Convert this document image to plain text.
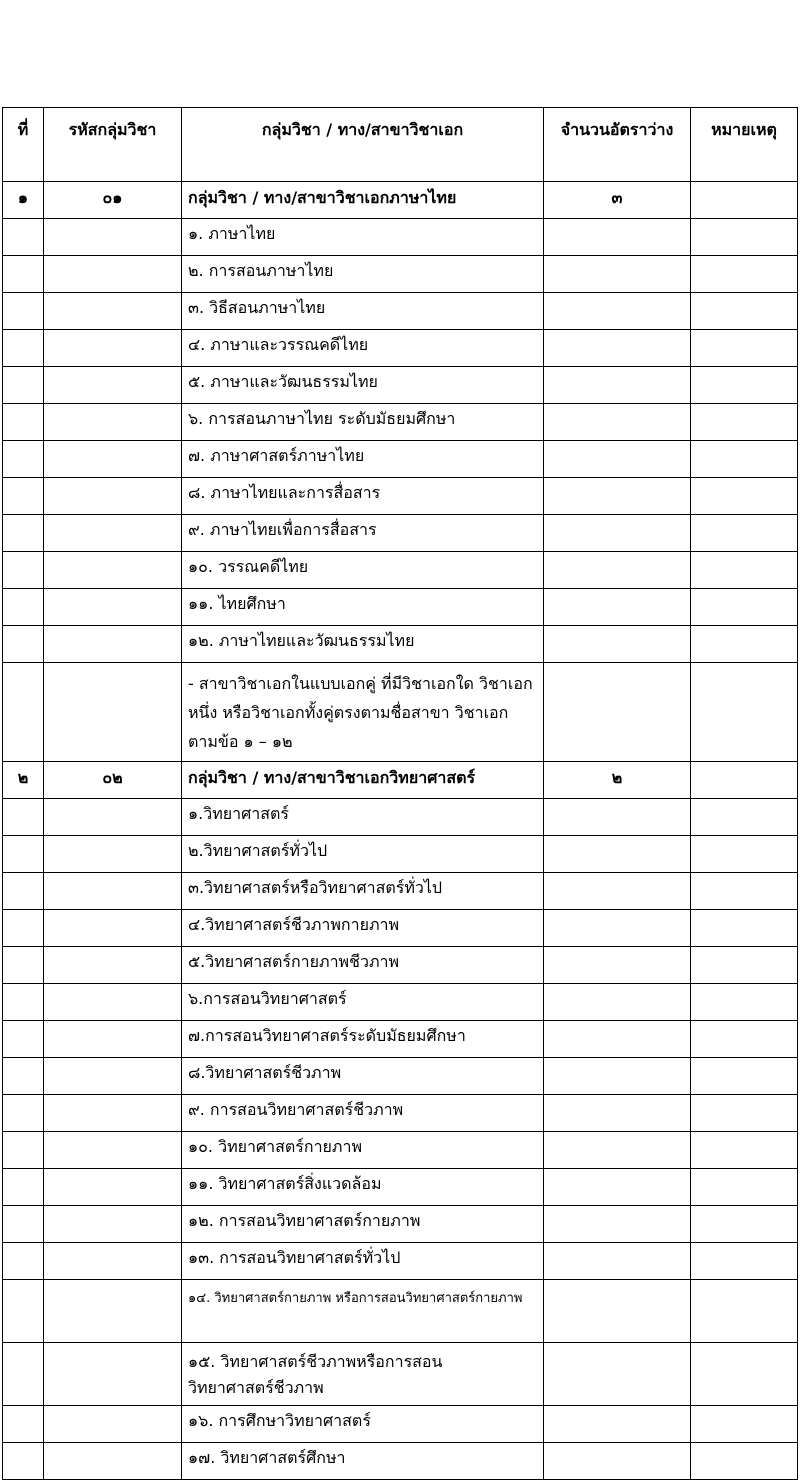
ที่	รหัสกลุ่มวิชา	กลุ่มวิชา / ทาง/สาขาวิชาเอก	จำนวนอัตราว่าง	หมายเหตุ
๑	๐๑	กลุ่มวิชา / ทาง/สาขาวิชาเอกภาษาไทย	๓	
		๑. ภาษาไทย		
		๒. การสอนภาษาไทย		
		๓. วิธีสอนภาษาไทย		
		๔. ภาษาและวรรณคดีไทย		
		๕. ภาษาและวัฒนธรรมไทย		
		๖. การสอนภาษาไทย ระดับมัธยมศึกษา		
		๗. ภาษาศาสตร์ภาษาไทย		
		๘. ภาษาไทยและการสื่อสาร		
		๙. ภาษาไทยเพื่อการสื่อสาร		
		๑๐. วรรณคดีไทย		
		๑๑. ไทยศึกษา		
		๑๒. ภาษาไทยและวัฒนธรรมไทย		
		- สาขาวิชาเอกในแบบเอกคู่ ที่มีวิชาเอกใด วิชาเอกหนึ่ง หรือวิชาเอกทั้งคู่ตรงตามชื่อสาขา วิชาเอก ตามข้อ ๑ – ๑๒		
๒	๐๒	กลุ่มวิชา / ทาง/สาขาวิชาเอกวิทยาศาสตร์	๒	
		๑.วิทยาศาสตร์		
		๒.วิทยาศาสตร์ทั่วไป		
		๓.วิทยาศาสตร์หรือวิทยาศาสตร์ทั่วไป		
		๔.วิทยาศาสตร์ชีวภาพกายภาพ		
		๕.วิทยาศาสตร์กายภาพชีวภาพ		
		๖.การสอนวิทยาศาสตร์		
		๗.การสอนวิทยาศาสตร์ระดับมัธยมศึกษา		
		๘.วิทยาศาสตร์ชีวภาพ		
		๙. การสอนวิทยาศาสตร์ชีวภาพ		
		๑๐. วิทยาศาสตร์กายภาพ		
		๑๑. วิทยาศาสตร์สิ่งแวดล้อม		
		๑๒. การสอนวิทยาศาสตร์กายภาพ		
		๑๓. การสอนวิทยาศาสตร์ทั่วไป		
		๑๔. วิทยาศาสตร์กายภาพ หรือการสอนวิทยาศาสตร์กายภาพ		
		๑๕. วิทยาศาสตร์ชีวภาพหรือการสอน วิทยาศาสตร์ชีวภาพ		
		๑๖. การศึกษาวิทยาศาสตร์		
		๑๗. วิทยาศาสตร์ศึกษา		
